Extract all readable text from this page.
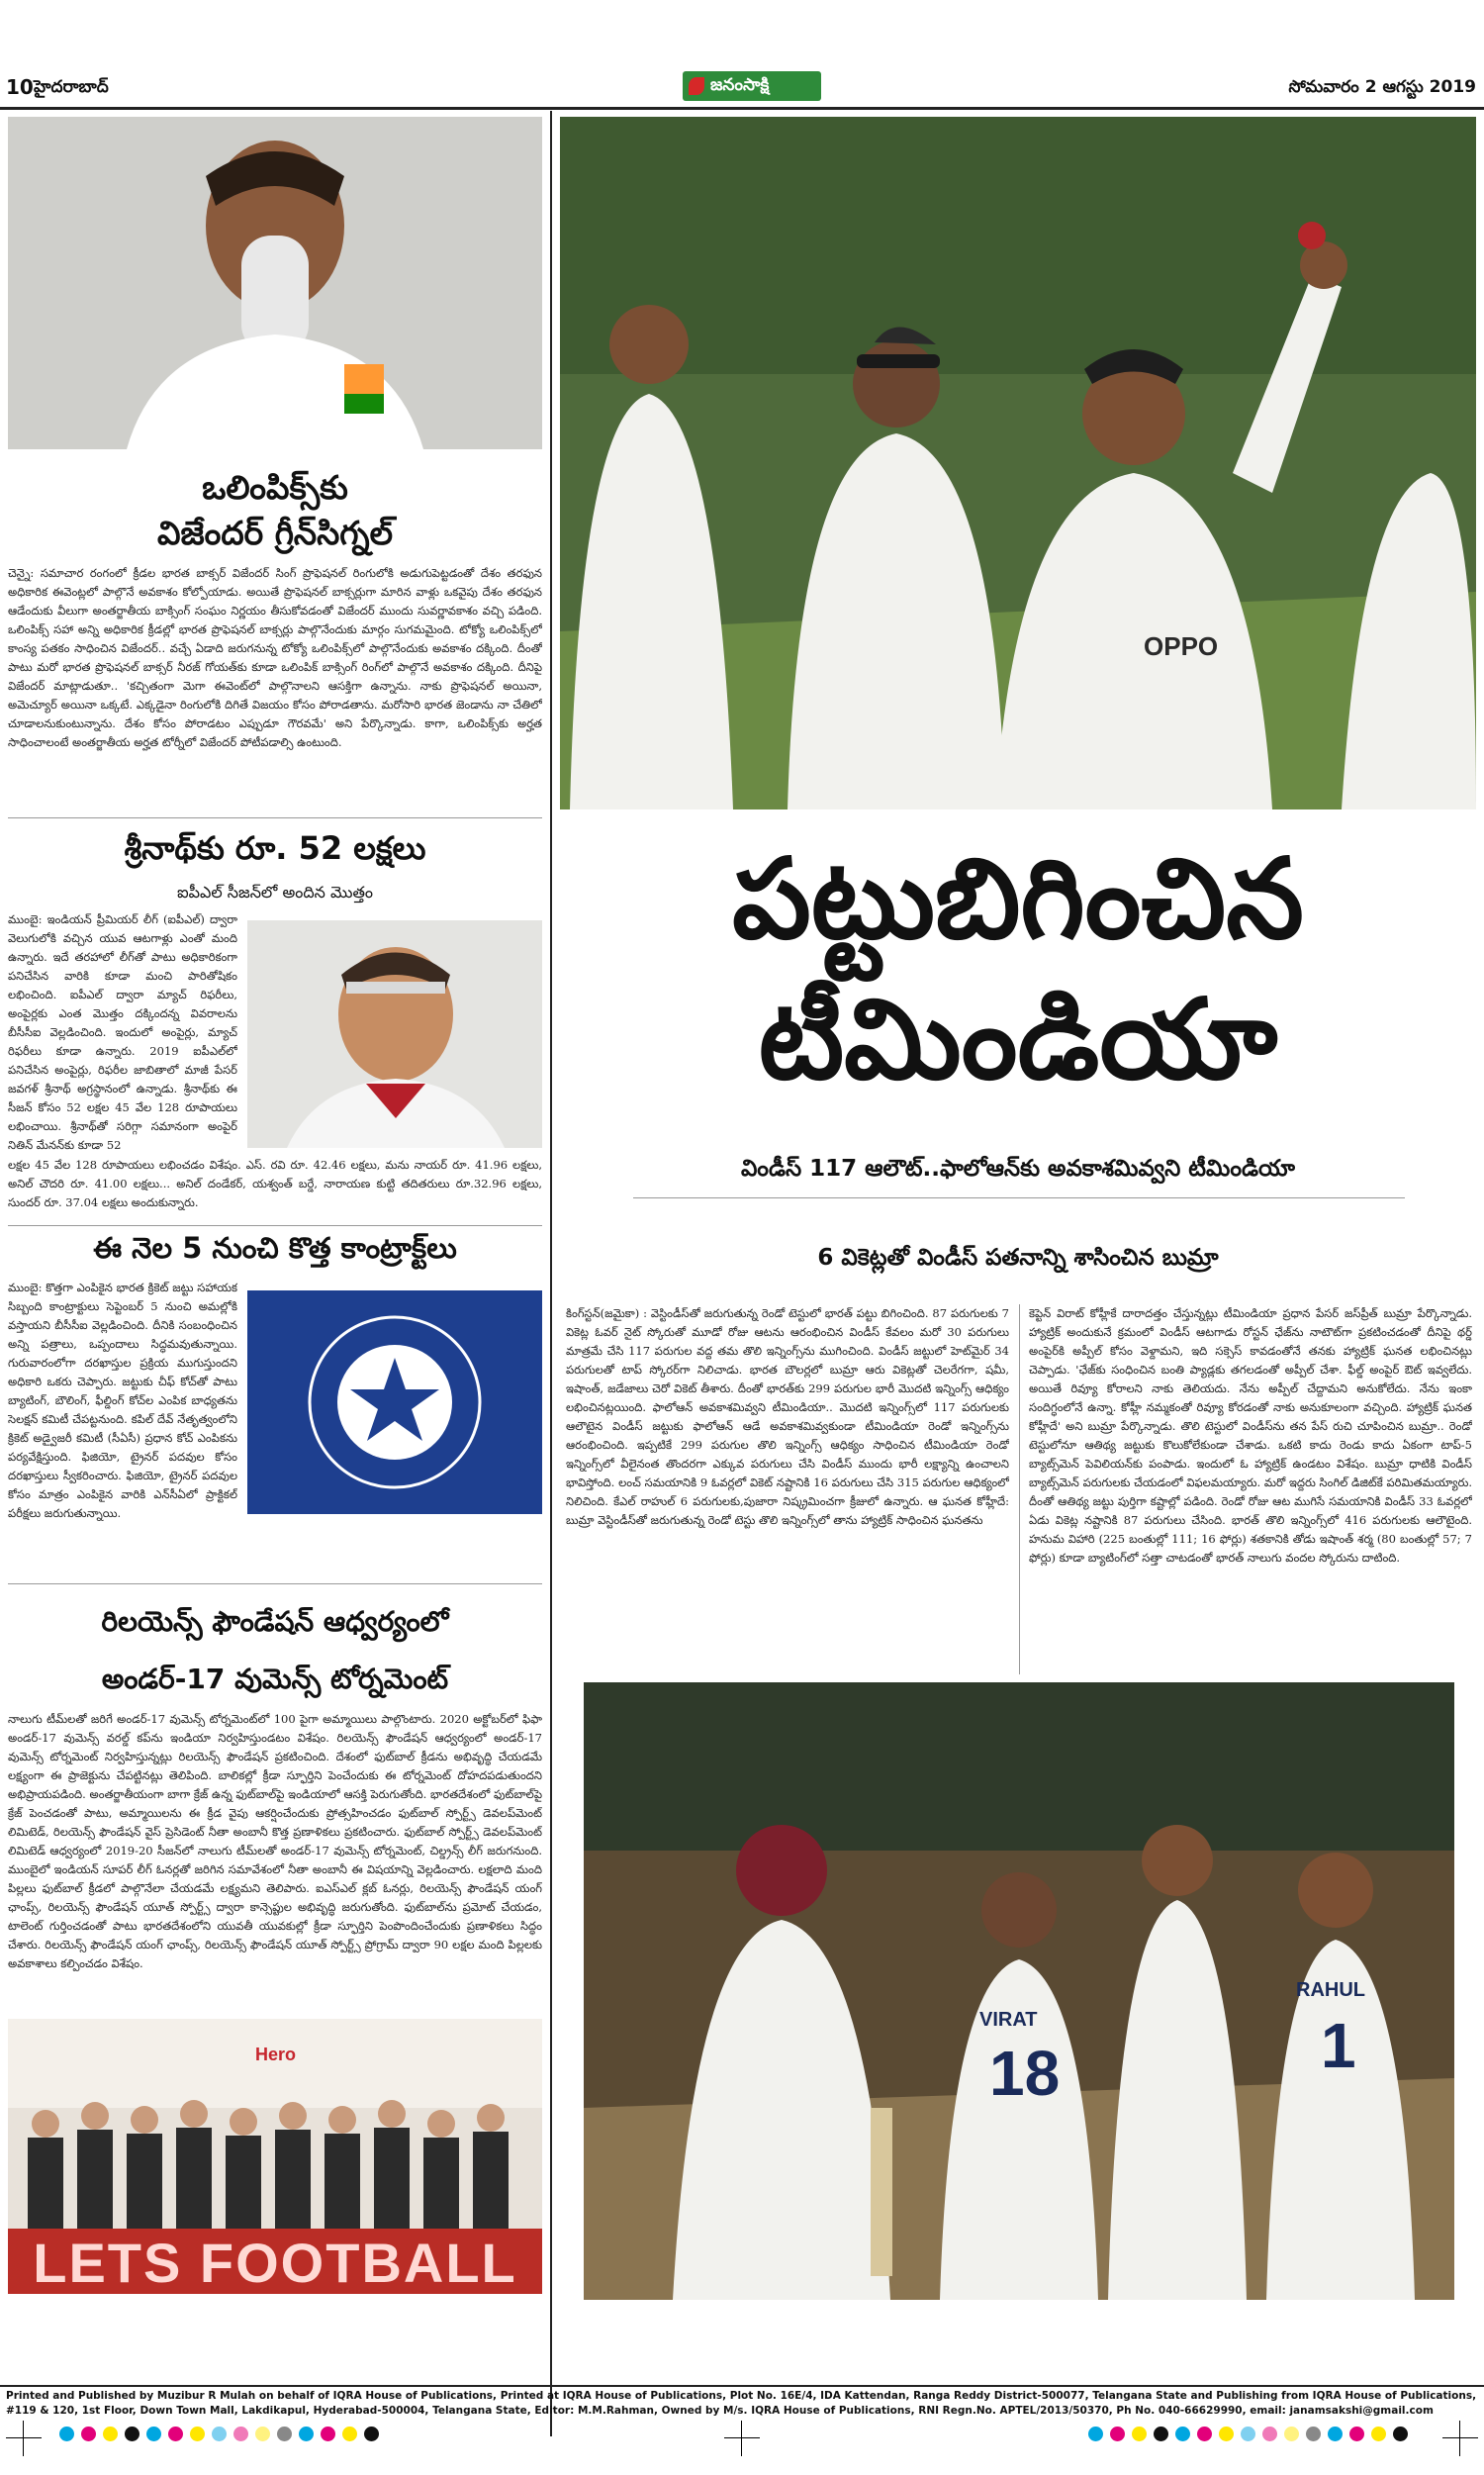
10 హైదరాబాద్	జనంసాక్షి	సోమవారం 2 ఆగస్టు 2019
ఒలింపిక్స్‌కు
విజేందర్ గ్రీన్‌సిగ్నల్
చెన్నై: సమాచార రంగంలో క్రీడల భారత బాక్సర్ విజేందర్ సింగ్ ప్రొఫెషనల్ రింగులోకి అడుగుపెట్టడంతో దేశం తరఫున అధికారిక ఈవెంట్లలో పాల్గొనే అవకాశం కోల్పోయాడు. అయితే ప్రొఫెషనల్ బాక్సర్లుగా మారిన వాళ్లు ఒకవైపు దేశం తరఫున ఆడేందుకు వీలుగా అంతర్జాతీయ బాక్సింగ్ సంఘం నిర్ణయం తీసుకోవడంతో విజేందర్ ముందు సువర్ణావకాశం వచ్చి పడింది. ఒలింపిక్స్ సహా అన్ని అధికారిక క్రీడల్లో భారత ప్రొఫెషనల్ బాక్సర్లు పాల్గొనేందుకు మార్గం సుగమమైంది. టోక్యో ఒలింపిక్స్‌లో కాంస్య పతకం సాధించిన విజేందర్.. వచ్చే ఏడాది జరుగనున్న టోక్యో ఒలింపిక్స్‌లో పాల్గొనేందుకు అవకాశం దక్కింది. దీంతో పాటు మరో భారత ప్రొఫెషనల్ బాక్సర్ నీరజ్ గోయత్‌కు కూడా ఒలింపిక్ బాక్సింగ్ రింగ్‌లో పాల్గొనే అవకాశం దక్కింది. దీనిపై విజేందర్ మాట్లాడుతూ.. 'కచ్చితంగా మెగా ఈవెంట్‌లో పాల్గొనాలని ఆసక్తిగా ఉన్నాను. నాకు ప్రొఫెషనల్ అయినా, అమెచ్యూర్ అయినా ఒక్కటే. ఎక్కడైనా రింగులోకి దిగితే విజయం కోసం పోరాడతాను. మరోసారి భారత జెండాను నా చేతిలో చూడాలనుకుంటున్నాను. దేశం కోసం పోరాడటం ఎప్పుడూ గౌరవమే' అని పేర్కొన్నాడు. కాగా, ఒలింపిక్స్‌కు అర్హత సాధించాలంటే అంతర్జాతీయ అర్హత టోర్నీలో విజేందర్ పోటీపడాల్సి ఉంటుంది.
శ్రీనాథ్‌కు రూ. 52 లక్షలు
ఐపీఎల్ సీజన్‌లో అందిన మొత్తం
ముంబై: ఇండియన్ ప్రీమియర్ లీగ్ (ఐపీఎల్) ద్వారా వెలుగులోకి వచ్చిన యువ ఆటగాళ్లు ఎంతో మంది ఉన్నారు. ఇదే తరహాలో లీగ్‌తో పాటు అధికారికంగా పనిచేసిన వారికి కూడా మంచి పారితోషికం లభించింది. ఐపీఎల్ ద్వారా మ్యాచ్ రిఫరీలు, అంపైర్లకు ఎంత మొత్తం దక్కిందన్న వివరాలను బీసీసీఐ వెల్లడించింది. ఇందులో అంపైర్లు, మ్యాచ్ రిఫరీలు కూడా ఉన్నారు. 2019 ఐపీఎల్‌లో పనిచేసిన అంపైర్లు, రిఫరీల జాబితాలో మాజీ పేసర్ జవగళ్ శ్రీనాథ్ అగ్రస్థానంలో ఉన్నాడు. శ్రీనాథ్‌కు ఈ సీజన్ కోసం 52 లక్షల 45 వేల 128 రూపాయలు లభించాయి. శ్రీనాథ్‌తో సరిగ్గా సమానంగా అంపైర్ నితిన్ మేనన్‌కు కూడా 52
లక్షల 45 వేల 128 రూపాయలు లభించడం విశేషం. ఎస్. రవి రూ. 42.46 లక్షలు, మను నాయర్ రూ. 41.96 లక్షలు, అనిల్ చౌదరి రూ. 41.00 లక్షలు... అనిల్ దండేకర్, యశ్వంత్ బర్డే, నారాయణ కుట్టి తదితరులు రూ.32.96 లక్షలు, సుందర్ రూ. 37.04 లక్షలు అందుకున్నారు.
ఈ నెల 5 నుంచి కొత్త కాంట్రాక్ట్‌లు
ముంబై: కొత్తగా ఎంపికైన భారత క్రికెట్ జట్టు సహాయక సిబ్బంది కాంట్రాక్టులు సెప్టెంబర్ 5 నుంచి అమల్లోకి వస్తాయని బీసీసీఐ వెల్లడించింది. దీనికి సంబంధించిన అన్ని పత్రాలు, ఒప్పందాలు సిద్ధమవుతున్నాయి. గురువారంలోగా దరఖాస్తుల ప్రక్రియ ముగుస్తుందని అధికారి ఒకరు చెప్పారు. జట్టుకు చీఫ్ కోచ్‌తో పాటు బ్యాటింగ్, బౌలింగ్, ఫీల్డింగ్ కోచ్‌ల ఎంపిక బాధ్యతను సెలక్షన్ కమిటీ చేపట్టనుంది. కపిల్ దేవ్ నేతృత్వంలోని క్రికెట్ అడ్వైజరీ కమిటీ (సీఏసీ) ప్రధాన కోచ్ ఎంపికను పర్యవేక్షిస్తుంది. ఫిజియో, ట్రైనర్ పదవుల కోసం దరఖాస్తులు స్వీకరించారు. ఫిజియో, ట్రైనర్ పదవుల కోసం మాత్రం ఎంపికైన వారికి ఎన్‌సీఏలో ప్రాక్టికల్ పరీక్షలు జరుగుతున్నాయి.
రిలయెన్స్ ఫౌండేషన్ ఆధ్వర్యంలో
అండర్-17 వుమెన్స్ టోర్నమెంట్
నాలుగు టీమ్‌లతో జరిగే అండర్-17 వుమెన్స్ టోర్నమెంట్‌లో 100 పైగా అమ్మాయిలు పాల్గొంటారు. 2020 అక్టోబర్‌లో ఫిఫా అండర్-17 వుమెన్స్ వరల్డ్ కప్‌ను ఇండియా నిర్వహిస్తుండటం విశేషం. రిలయెన్స్ ఫౌండేషన్ ఆధ్వర్యంలో అండర్-17 వుమెన్స్ టోర్నమెంట్ నిర్వహిస్తున్నట్లు రిలయెన్స్ ఫౌండేషన్ ప్రకటించింది. దేశంలో ఫుట్‌బాల్ క్రీడను అభివృద్ధి చేయడమే లక్ష్యంగా ఈ ప్రాజెక్టును చేపట్టినట్లు తెలిపింది. బాలికల్లో క్రీడా స్ఫూర్తిని పెంచేందుకు ఈ టోర్నమెంట్ దోహదపడుతుందని అభిప్రాయపడింది. అంతర్జాతీయంగా బాగా క్రేజ్ ఉన్న ఫుట్‌బాల్‌పై ఇండియాలో ఆసక్తి పెరుగుతోంది. భారతదేశంలో ఫుట్‌బాల్‌పై క్రేజ్ పెంచడంతో పాటు, అమ్మాయిలను ఈ క్రీడ వైపు ఆకర్షించేందుకు ప్రోత్సహించడం ఫుట్‌బాల్ స్పోర్ట్స్ డెవలప్‌మెంట్ లిమిటెడ్, రిలయెన్స్ ఫౌండేషన్ వైస్ ప్రెసిడెంట్ నీతా అంబానీ కొత్త ప్రణాళికలు ప్రకటించారు. ఫుట్‌బాల్ స్పోర్ట్స్ డెవలప్‌మెంట్ లిమిటెడ్ ఆధ్వర్యంలో 2019-20 సీజన్‌లో నాలుగు టీమ్‌లతో అండర్-17 వుమెన్స్ టోర్నమెంట్, చిల్డ్రన్స్ లీగ్ జరుగనుంది. ముంబైలో ఇండియన్ సూపర్ లీగ్ ఓనర్లతో జరిగిన సమావేశంలో నీతా అంబానీ ఈ విషయాన్ని వెల్లడించారు. లక్షలాది మంది పిల్లలు ఫుట్‌బాల్ క్రీడలో పాల్గొనేలా చేయడమే లక్ష్యమని తెలిపారు. ఐఎస్ఎల్ క్లబ్ ఓనర్లు, రిలయెన్స్ ఫౌండేషన్ యంగ్ ఛాంప్స్, రిలయెన్స్ ఫౌండేషన్ యూత్ స్పోర్ట్స్ ద్వారా కాన్సెప్టుల అభివృద్ధి జరుగుతోంది. ఫుట్‌బాల్‌ను ప్రమోట్ చేయడం, టాలెంట్ గుర్తించడంతో పాటు భారతదేశంలోని యువతీ యువకుల్లో క్రీడా స్ఫూర్తిని పెంపొందించేందుకు ప్రణాళికలు సిద్ధం చేశారు. రిలయెన్స్ ఫౌండేషన్ యంగ్ ఛాంప్స్, రిలయెన్స్ ఫౌండేషన్ యూత్ స్పోర్ట్స్ ప్రోగ్రామ్ ద్వారా 90 లక్షల మంది పిల్లలకు అవకాశాలు కల్పించడం విశేషం.
LETS FOOTBALL
Hero
OPPO
పట్టుబిగించిన
టీమిండియా
విండీస్ 117 ఆలౌట్..ఫాలోఆన్‌కు అవకాశమివ్వని టీమిండియా
6 వికెట్లతో విండీస్ పతనాన్ని శాసించిన బుమ్రా
కింగ్‌స్టన్(జమైకా) : వెస్టిండీస్‌తో జరుగుతున్న రెండో టెస్టులో భారత్ పట్టు బిగించింది. 87 పరుగులకు 7 వికెట్ల ఓవర్ నైట్ స్కోరుతో మూడో రోజు ఆటను ఆరంభించిన విండీస్ కేవలం మరో 30 పరుగులు మాత్రమే చేసి 117 పరుగుల వద్ద తమ తొలి ఇన్నింగ్స్‌ను ముగించింది. విండీస్ జట్టులో హెట్‌మైర్ 34 పరుగులతో టాప్ స్కోరర్‌గా నిలిచాడు. భారత బౌలర్లలో బుమ్రా ఆరు వికెట్లతో చెలరేగగా, షమీ, ఇషాంత్, జడేజాలు చెరో వికెట్ తీశారు. దీంతో భారత్‌కు 299 పరుగుల భారీ మొదటి ఇన్నింగ్స్ ఆధిక్యం లభించినట్లయింది. ఫాలోఆన్ అవకాశమివ్వని టీమిండియా.. మొదటి ఇన్నింగ్స్‌లో 117 పరుగులకు ఆలౌటైన విండీస్ జట్టుకు ఫాలోఆన్ ఆడే అవకాశమివ్వకుండా టీమిండియా రెండో ఇన్నింగ్స్‌ను ఆరంభించింది. ఇప్పటికే 299 పరుగుల తొలి ఇన్నింగ్స్ ఆధిక్యం సాధించిన టీమిండియా రెండో ఇన్నింగ్స్‌లో వీలైనంత తొందరగా ఎక్కువ పరుగులు చేసి విండీస్ ముందు భారీ లక్ష్యాన్ని ఉంచాలని భావిస్తోంది. లంచ్ సమయానికి 9 ఓవర్లలో వికెట్ నష్టానికి 16 పరుగులు చేసి 315 పరుగుల ఆధిక్యంలో నిలిచింది. కేఎల్ రాహుల్ 6 పరుగులకు,పుజారా నిష్క్రమించగా క్రీజులో ఉన్నారు. ఆ ఘనత కోహ్లీదే: బుమ్రా వెస్టిండీస్‌తో జరుగుతున్న రెండో టెస్టు తొలి ఇన్నింగ్స్‌లో తాను హ్యాట్రిక్ సాధించిన ఘనతను
కెప్టెన్ విరాట్ కోహ్లీకే దారాదత్తం చేస్తున్నట్లు టీమిండియా ప్రధాన పేసర్ జస్‌ప్రీత్ బుమ్రా పేర్కొన్నాడు. హ్యాట్రిక్ అందుకునే క్రమంలో విండీస్ ఆటగాడు రోస్టన్ ఛేజ్‌ను నాటౌట్‌గా ప్రకటించడంతో దీనిపై థర్డ్ అంపైర్‌కి అప్పీల్ కోసం వెళ్దామని, ఇది సక్సెస్ కావడంతోనే తనకు హ్యాట్రిక్ ఘనత లభించినట్లు చెప్పాడు. 'ఛేజ్‌కు సంధించిన బంతి ప్యాడ్లకు తగలడంతో అప్పీల్ చేశా. ఫీల్డ్ అంపైర్ ఔట్ ఇవ్వలేదు. అయితే రివ్యూ కోరాలని నాకు తెలియదు. నేను అప్పీల్ చేద్దామని అనుకోలేదు. నేను ఇంకా సందిగ్ధంలోనే ఉన్నా. కోహ్లీ నమ్మకంతో రివ్యూ కోరడంతో నాకు అనుకూలంగా వచ్చింది. హ్యాట్రిక్ ఘనత కోహ్లీదే' అని బుమ్రా పేర్కొన్నాడు. తొలి టెస్టులో విండీస్‌ను తన పేస్ రుచి చూపించిన బుమ్రా.. రెండో టెస్టులోనూ ఆతిథ్య జట్టుకు కొలుకోలేకుండా చేశాడు. ఒకటి కాదు రెండు కాదు ఏకంగా టాప్-5 బ్యాట్స్‌మెన్ పెవిలియన్‌కు పంపాడు. ఇందులో ఓ హ్యాట్రిక్ ఉండటం విశేషం. బుమ్రా ధాటికి విండీస్ బ్యాట్స్‌మెన్ పరుగులకు చేయడంలో విఫలమయ్యారు. మరో ఇద్దరు సింగిల్ డిజిట్‌కే పరిమితమయ్యారు. దీంతో ఆతిథ్య జట్టు పుర్తిగా కష్టాల్లో పడింది. రెండో రోజు ఆట ముగిసే సమయానికి విండీస్ 33 ఓవర్లలో ఏడు వికెట్ల నష్టానికి 87 పరుగులు చేసింది. భారత్ తొలి ఇన్నింగ్స్‌లో 416 పరుగులకు ఆలౌటైంది. హనుమ విహారి (225 బంతుల్లో 111; 16 ఫోర్లు) శతకానికి తోడు ఇషాంత్ శర్మ (80 బంతుల్లో 57; 7 ఫోర్లు) కూడా బ్యాటింగ్‌లో సత్తా చాటడంతో భారత్ నాలుగు వందల స్కోరును దాటింది.
VIRAT
18
RAHUL
1
Printed and Published by Muzibur R Mulah on behalf of IQRA House of Publications, Printed at IQRA House of Publications, Plot No. 16E/4, IDA Kattendan, Ranga Reddy District-500077, Telangana State and Publishing from IQRA House of Publications, #119 & 120, 1st Floor, Down Town Mall, Lakdikapul, Hyderabad-500004, Telangana State, Editor: M.M.Rahman, Owned by M/s. IQRA House of Publications, RNI Regn.No. APTEL/2013/50370, Ph No. 040-66629990, email: janamsakshi@gmail.com
